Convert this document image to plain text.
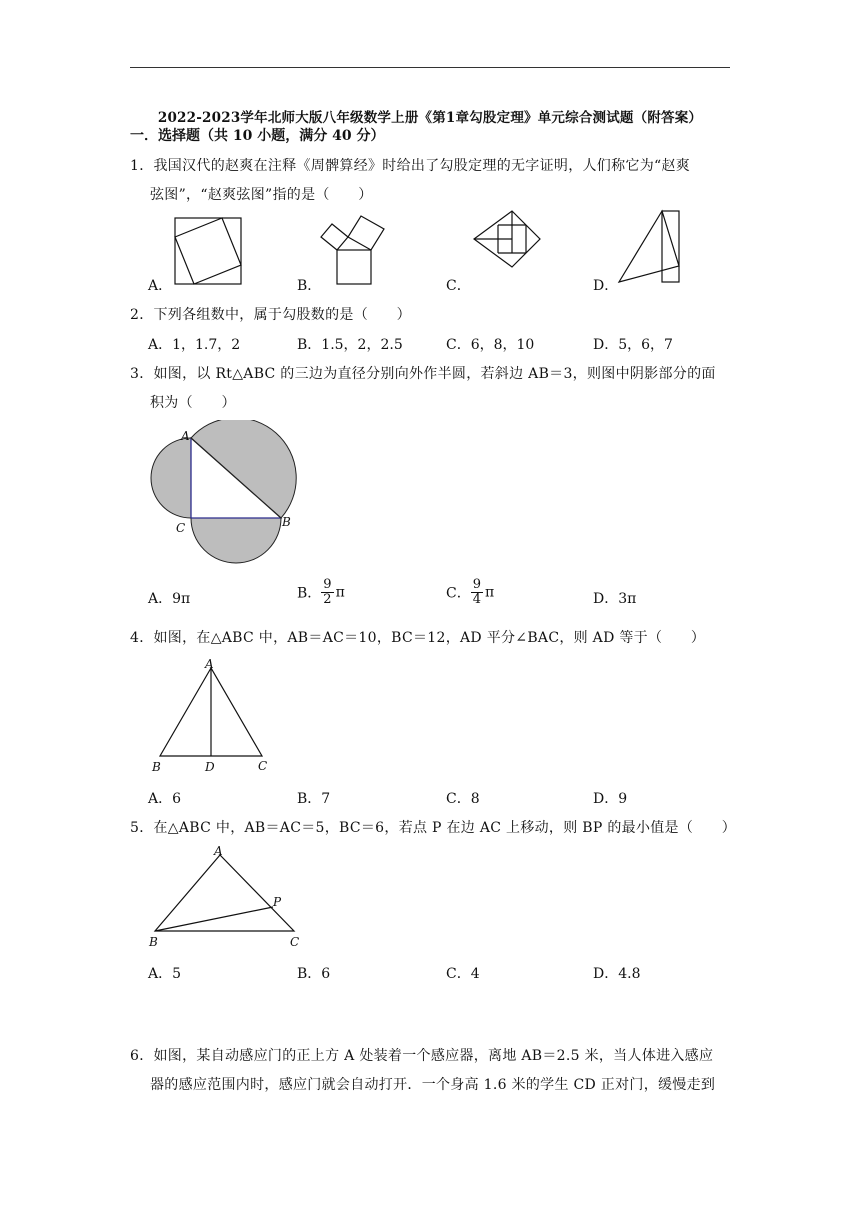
2022-2023学年北师大版八年级数学上册《第1章勾股定理》单元综合测试题（附答案）
一．选择题（共 10 小题，满分 40 分）
1．我国汉代的赵爽在注释《周髀算经》时给出了勾股定理的无字证明，人们称它为“赵爽
弦图”，“赵爽弦图”指的是（　　）
A．	B．	C．	D．
2．下列各组数中，属于勾股数的是（　　）
A．1，1.7，2	B．1.5，2，2.5	C．6，8，10	D．5，6，7
3．如图，以 Rt△ABC 的三边为直径分别向外作半圆，若斜边 AB＝3，则图中阴影部分的面
积为（　　）
A
B
C
A．9π	B． $\frac{9}{2}$ π	C． $\frac{9}{4}$ π	D．3π
4．如图，在△ABC 中，AB＝AC＝10，BC＝12，AD 平分∠BAC，则 AD 等于（　　）
A
B	D	C
A．6	B．7	C．8	D．9
5．在△ABC 中，AB＝AC＝5，BC＝6，若点 P 在边 AC 上移动，则 BP 的最小值是（　　）
A
P
B	C
A．5	B．6	C．4	D．4.8
6．如图，某自动感应门的正上方 A 处装着一个感应器，离地 AB＝2.5 米，当人体进入感应
器的感应范围内时，感应门就会自动打开．一个身高 1.6 米的学生 CD 正对门，缓慢走到
